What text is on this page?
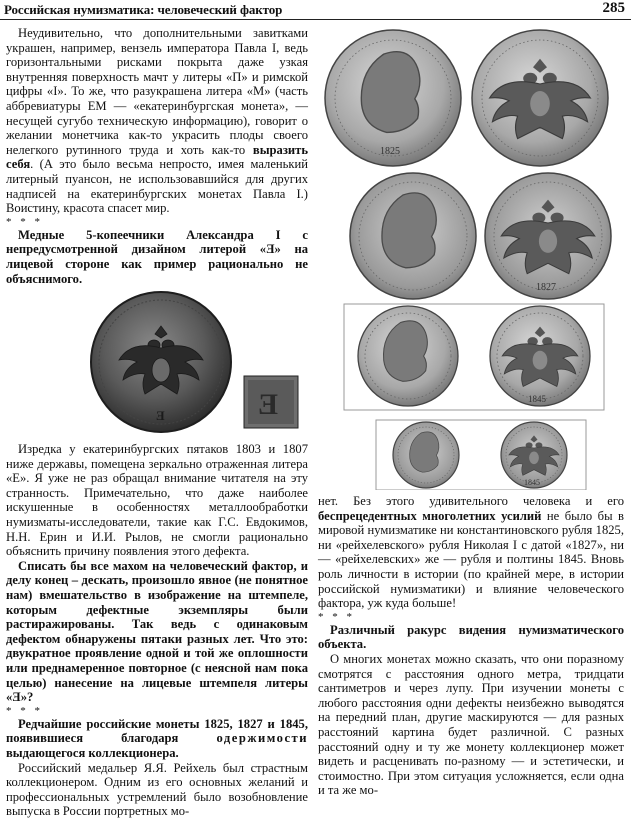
Российская нумизматика: человеческий фактор	285

Неудивительно, что дополнительными завитками украшен, например, вензель императора Павла I, ведь горизонтальными рисками покрыта даже узкая внутренняя поверхность мачт у литеры «П» и римской цифры «I». То же, что разукрашена литера «М» (часть аббревиатуры ЕМ — «екатеринбургская монета», — несущей сугубо техническую информацию), говорит о желании монетчика как-то украсить плоды своего нелегкого рутинного труда и хоть как-то выразить себя. (А это было весьма непросто, имея маленький литерный пуансон, не использовавшийся для других надписей на екатеринбургских монетах Павла I.) Воистину, красота спасет мир.

* * *

Медные 5-копеечники Александра I с непредусмотренной дизайном литерой «Ǝ» на лицевой стороне как пример рационально не объяснимого.

Ǝ	Ǝ

Изредка у екатеринбургских пятаков 1803 и 1807 ниже державы, помещена зеркально отраженная литера «Е». Я уже не раз обращал внимание читателя на эту странность. Примечательно, что даже наиболее искушенные в особенностях металлообработки нумизматы-исследователи, такие как Г.С. Евдокимов, Н.Н. Ерин и И.И. Рылов, не смогли рационально объяснить причину появления этого дефекта.

Списать бы все махом на человеческий фактор, и делу конец – дескать, произошло явное (не понятное нам) вмешательство в изображение на штемпеле, которым дефектные экземпляры были растиражированы. Так ведь с одинаковым дефектом обнаружены пятаки разных лет. Что это: двукратное проявление одной и той же оплошности или преднамеренное повторное (с неясной нам пока целью) нанесение на лицевые штемпеля литеры «Ǝ»?

* * *

Редчайшие российские монеты 1825, 1827 и 1845, появившиеся благодаря одержимости выдающегося коллекционера.

Российский медальер Я.Я. Рейхель был страстным коллекционером. Одним из его основных желаний и профессиональных устремлений было возобновление выпуска в России портретных мо-

1825
1827
1845
1845

нет. Без этого удивительного человека и его беспрецедентных многолетних усилий не было бы в мировой нумизматике ни константиновского рубля 1825, ни «рейхелевского» рубля Николая I с датой «1827», ни — «рейхелевских» же — рубля и полтины 1845. Вновь роль личности в истории (по крайней мере, в истории российской нумизматики) и влияние человеческого фактора, уж куда больше!

* * *

Различный ракурс видения нумизматического объекта.

О многих монетах можно сказать, что они поразному смотрятся с расстояния одного метра, тридцати сантиметров и через лупу. При изучении монеты с любого расстояния одни дефекты неизбежно выводятся на передний план, другие маскируются — для разных расстояний картина будет различной. С разных расстояний одну и ту же монету коллекционер может видеть и расценивать по-разному — и эстетически, и стоимостно. При этом ситуация усложняется, если одна и та же мо-
